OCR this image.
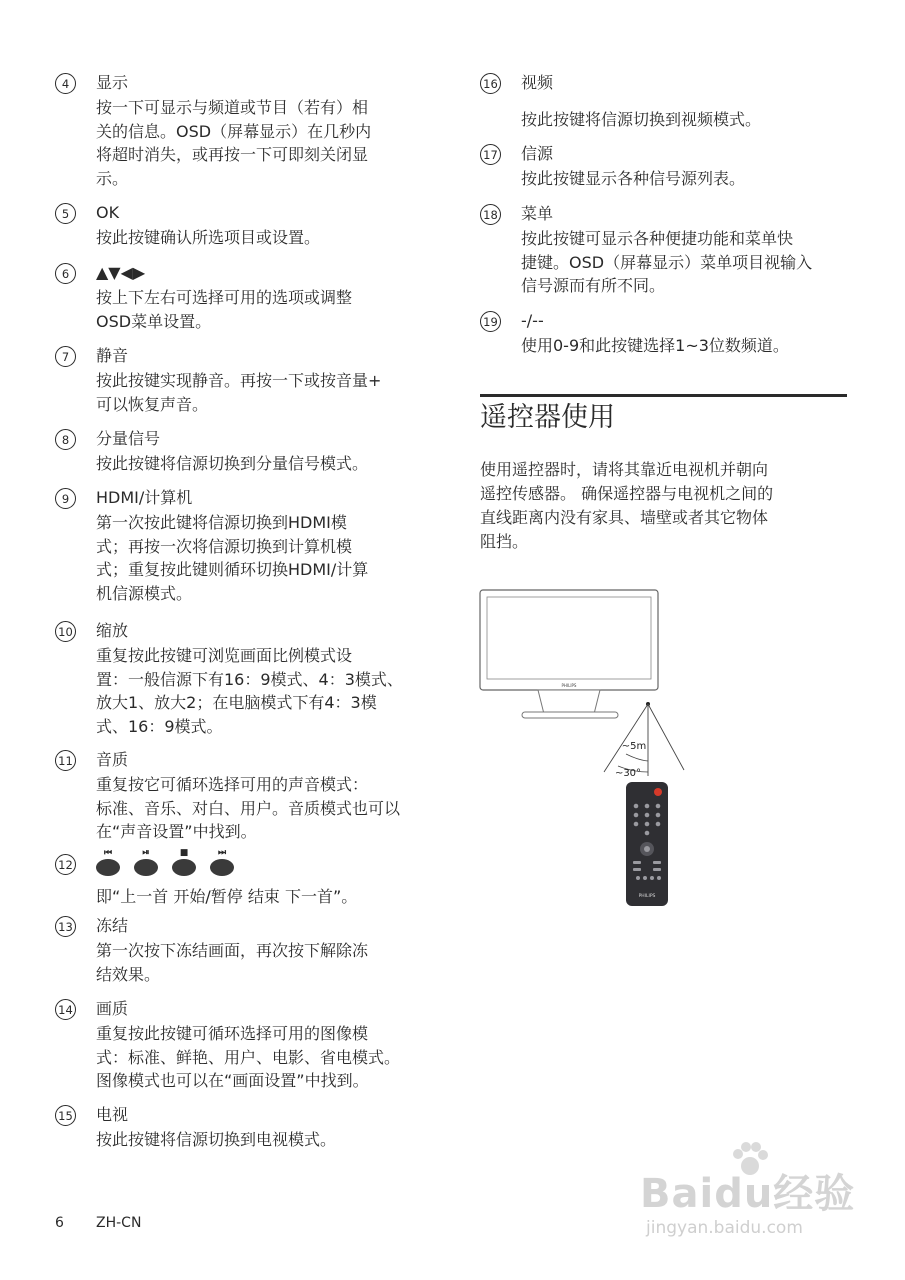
4	显示
按一下可显示与频道或节目（若有）相
关的信息。OSD（屏幕显示）在几秒内
将超时消失，或再按一下可即刻关闭显
示。
5	OK
按此按键确认所选项目或设置。
6	▲▼◀▶
按上下左右可选择可用的选项或调整
OSD菜单设置。
7	静音
按此按键实现静音。再按一下或按音量+
可以恢复声音。
8	分量信号
按此按键将信源切换到分量信号模式。
9	HDMI/计算机
第一次按此键将信源切换到HDMI模
式；再按一次将信源切换到计算机模
式；重复按此键则循环切换HDMI/计算
机信源模式。
10 缩放
重复按此按键可浏览画面比例模式设
置：一般信源下有16：9模式、4：3模式、
放大1、放大2；在电脑模式下有4：3模
式、16：9模式。
11 音质
重复按它可循环选择可用的声音模式：
标准、音乐、对白、用户。音质模式也可以
在“声音设置”中找到。
12
⏮	⏯	■	⏭
即“上一首 开始/暂停 结束 下一首”。
13 冻结
第一次按下冻结画面，再次按下解除冻
结效果。
14 画质
重复按此按键可循环选择可用的图像模
式：标准、鲜艳、用户、电影、省电模式。
图像模式也可以在“画面设置”中找到。
15 电视
按此按键将信源切换到电视模式。
16 视频
按此按键将信源切换到视频模式。
17 信源
按此按键显示各种信号源列表。
18 菜单
按此按键可显示各种便捷功能和菜单快
捷键。OSD（屏幕显示）菜单项目视输入
信号源而有所不同。
19 -/--
使用0-9和此按键选择1~3位数频道。
遥控器使用
使用遥控器时，请将其靠近电视机并朝向
遥控传感器。 确保遥控器与电视机之间的
直线距离内没有家具、墙壁或者其它物体
阻挡。
PHILIPS
~5m
~30°
PHILIPS
6 ZH-CN
Baidu经验
jingyan.baidu.com
